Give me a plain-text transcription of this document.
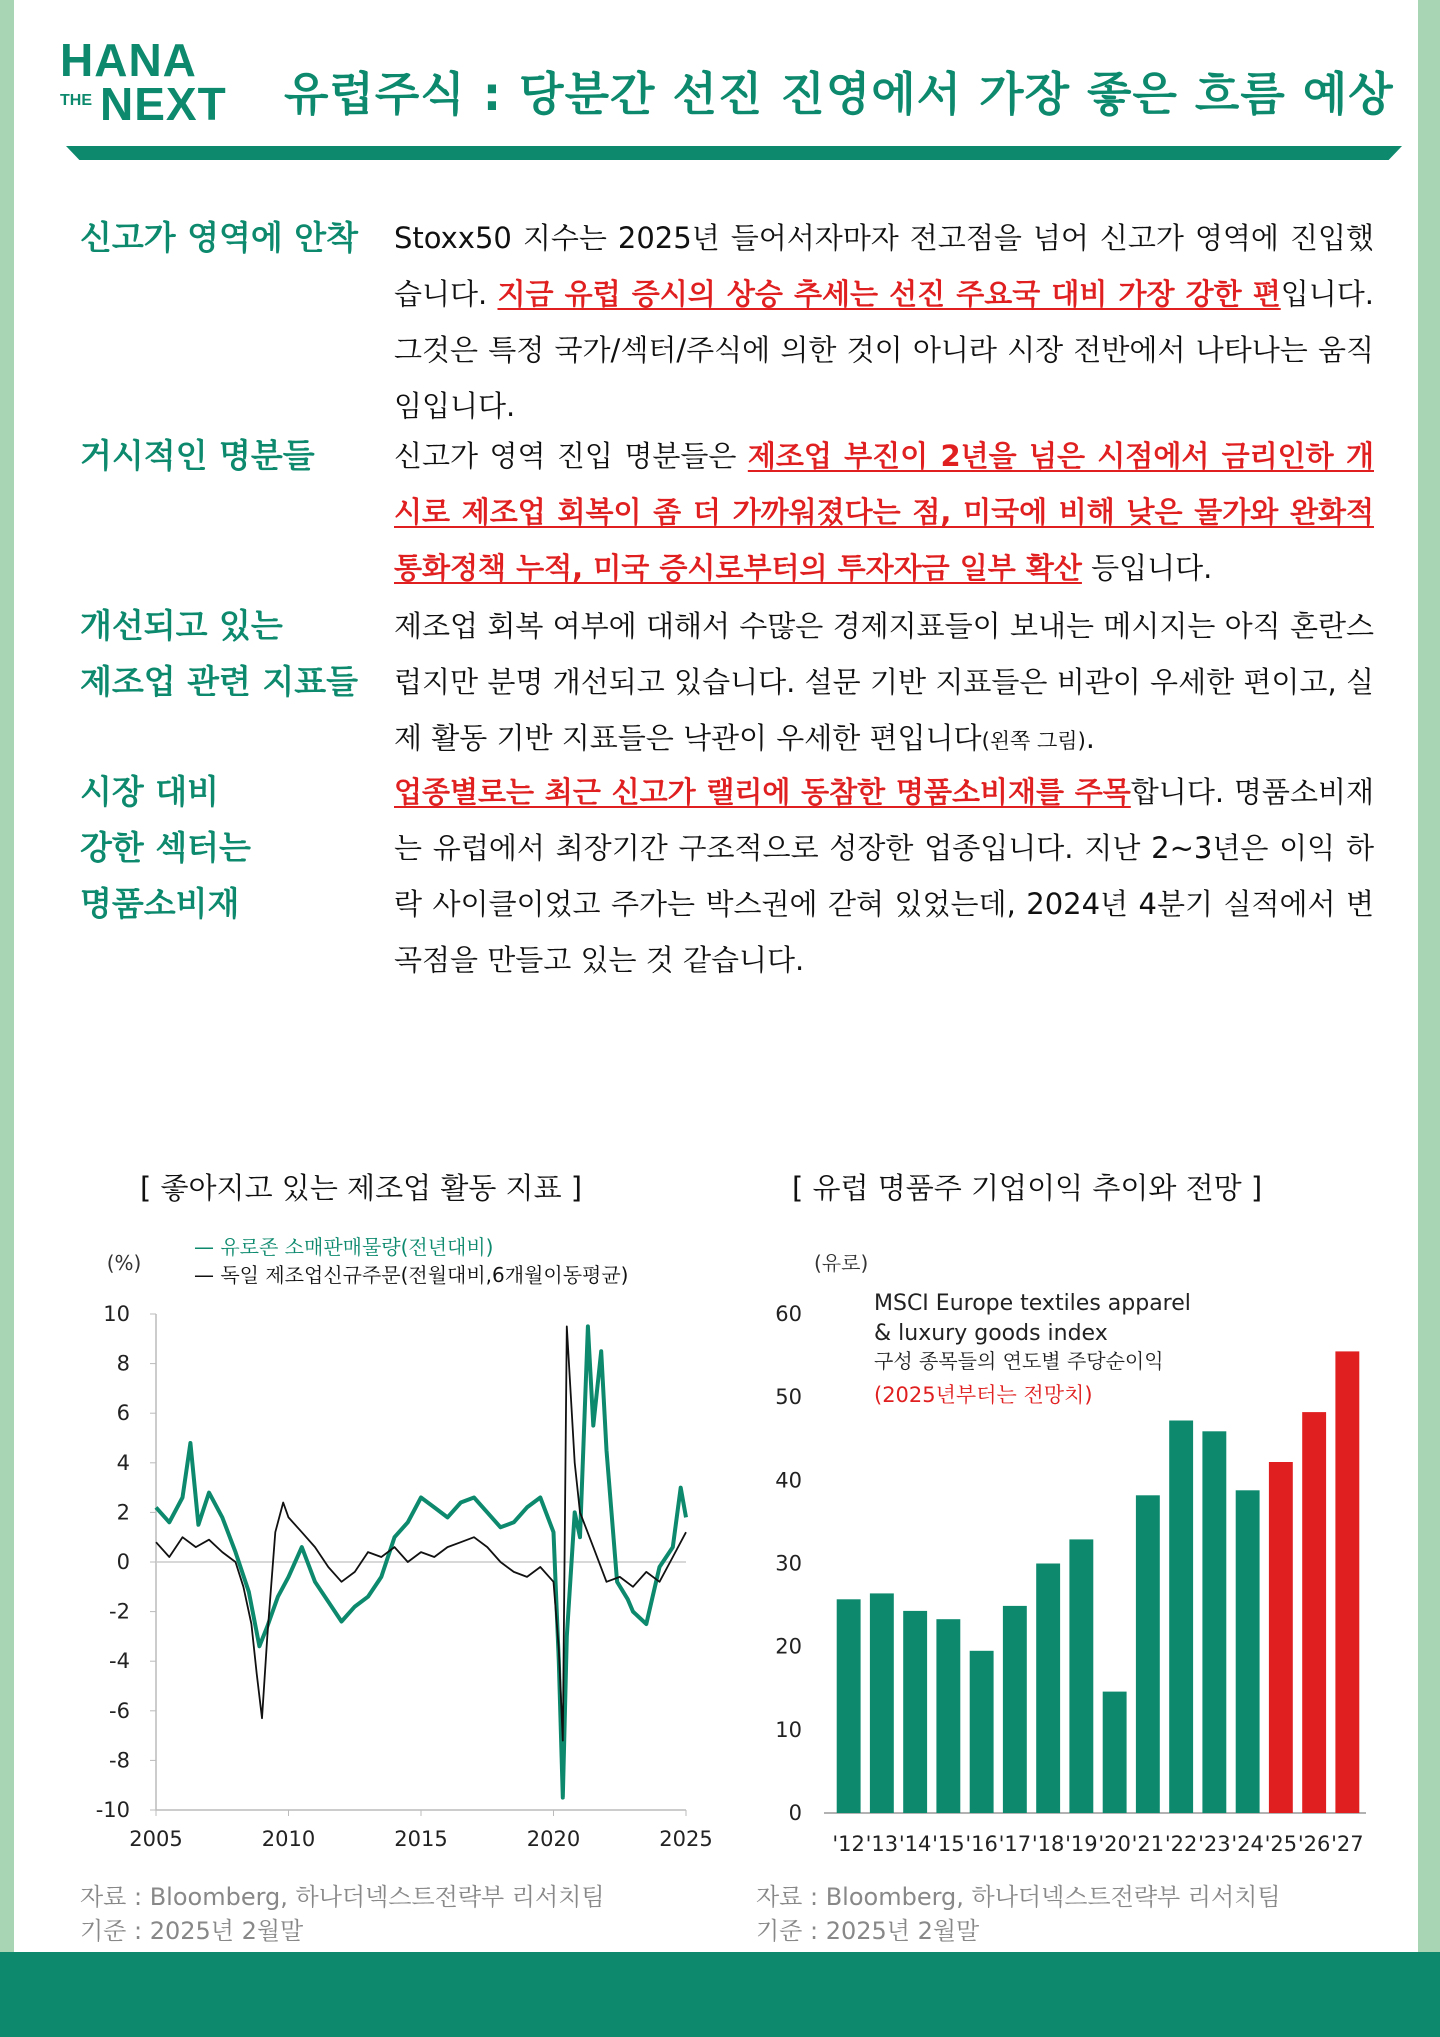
HANA
THE NEXT 유럽주식 : 당분간 선진 진영에서 가장 좋은 흐름 예상
신고가 영역에 안착	Stoxx50 지수는 2025년 들어서자마자 전고점을 넘어 신고가 영역에 진입했습니다. 지금 유럽 증시의 상승 추세는 선진 주요국 대비 가장 강한 편입니다. 그것은 특정 국가/섹터/주식에 의한 것이 아니라 시장 전반에서 나타나는 움직임입니다.
거시적인 명분들	신고가 영역 진입 명분들은 제조업 부진이 2년을 넘은 시점에서 금리인하 개시로 제조업 회복이 좀 더 가까워졌다는 점, 미국에 비해 낮은 물가와 완화적 통화정책 누적, 미국 증시로부터의 투자자금 일부 확산 등입니다.
개선되고 있는
제조업 관련 지표들
제조업 회복 여부에 대해서 수많은 경제지표들이 보내는 메시지는 아직 혼란스럽지만 분명 개선되고 있습니다. 설문 기반 지표들은 비관이 우세한 편이고, 실제 활동 기반 지표들은 낙관이 우세한 편입니다(왼쪽 그림).
시장 대비
강한 섹터는
명품소비재
업종별로는 최근 신고가 랠리에 동참한 명품소비재를 주목합니다. 명품소비재는 유럽에서 최장기간 구조적으로 성장한 업종입니다. 지난 2~3년은 이익 하락 사이클이었고 주가는 박스권에 갇혀 있었는데, 2024년 4분기 실적에서 변곡점을 만들고 있는 것 같습니다.
[ 좋아지고 있는 제조업 활동 지표 ]
(%)
— 유로존 소매판매물량(전년대비)
— 독일 제조업신규주문(전월대비,6개월이동평균)
10
8
6
4
2
0
-2
-4
-6
-8
-10
2005	2010	2015	2020	2025
자료 : Bloomberg, 하나더넥스트전략부 리서치팀
기준 : 2025년 2월말
[ 유럽 명품주 기업이익 추이와 전망 ]
(유로)
MSCI Europe textiles apparel
& luxury goods index
구성 종목들의 연도별 주당순이익
(2025년부터는 전망치)
60
50
40
30
20
10
0
'12 '13 '14 '15 '16 '17 '18 '19 '20 '21 '22 '23 '24 '25 '26 '27
자료 : Bloomberg, 하나더넥스트전략부 리서치팀
기준 : 2025년 2월말
